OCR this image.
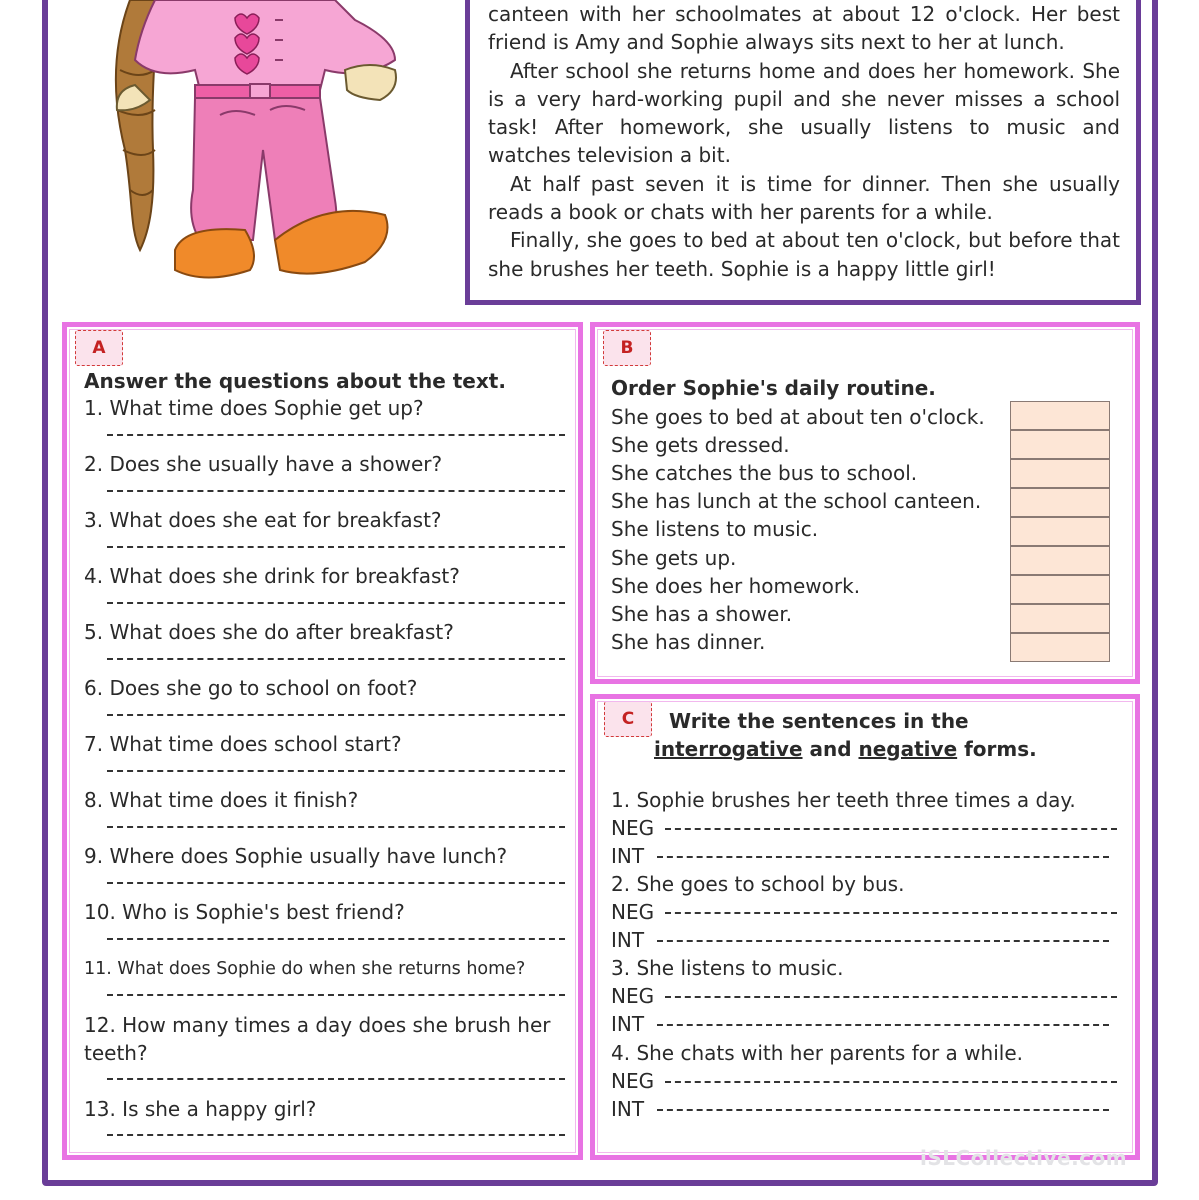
canteen with her schoolmates at about 12 o'clock. Her best friend is Amy and Sophie always sits next to her at lunch.

After school she returns home and does her homework. She is a very hard-working pupil and she never misses a school task! After homework, she usually listens to music and watches television a bit.

At half past seven it is time for dinner. Then she usually reads a book or chats with her parents for a while.

Finally, she goes to bed at about ten o'clock, but before that she brushes her teeth. Sophie is a happy little girl!

A
Answer the questions about the text.
1. What time does Sophie get up?
2. Does she usually have a shower?
3. What does she eat for breakfast?
4. What does she drink for breakfast?
5. What does she do after breakfast?
6. Does she go to school on foot?
7. What time does school start?
8. What time does it finish?
9. Where does Sophie usually have lunch?
10. Who is Sophie's best friend?
11. What does Sophie do when she returns home?
12. How many times a day does she brush her
teeth?
13. Is she a happy girl?
B
Order Sophie's daily routine.
She goes to bed at about ten o'clock.
She gets dressed.
She catches the bus to school.
She has lunch at the school canteen.
She listens to music.
She gets up.
She does her homework.
She has a shower.
She has dinner.
C	Write the sentences in the
interrogative and negative forms.
1. Sophie brushes her teeth three times a day.
NEG
INT
2. She goes to school by bus.
NEG
INT
3. She listens to music.
NEG
INT
4. She chats with her parents for a while.
NEG
INT
iSLCollective.com
